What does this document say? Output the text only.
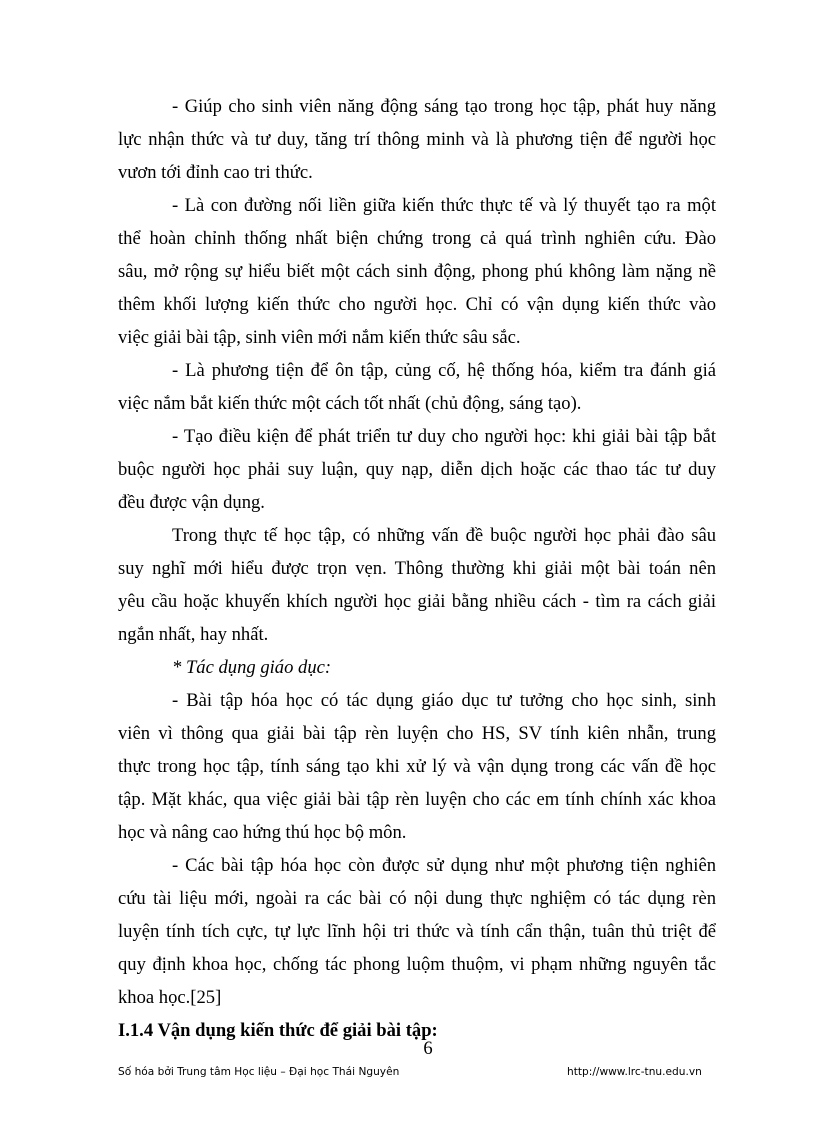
- Giúp cho sinh viên năng động sáng tạo trong học tập, phát huy năng
lực nhận thức và tư duy, tăng trí thông minh và là phương tiện để người học
vươn tới đỉnh cao tri thức.
- Là con đường nối liền giữa kiến thức thực tế và lý thuyết tạo ra một
thể hoàn chỉnh thống nhất biện chứng trong cả quá trình nghiên cứu. Đào
sâu, mở rộng sự hiểu biết một cách sinh động, phong phú không làm nặng nề
thêm khối lượng kiến thức cho người học. Chỉ có vận dụng kiến thức vào
việc giải bài tập, sinh viên mới nắm kiến thức sâu sắc.
- Là phương tiện để ôn tập, củng cố, hệ thống hóa, kiểm tra đánh giá
việc nắm bắt kiến thức một cách tốt nhất (chủ động, sáng tạo).
- Tạo điều kiện để phát triển tư duy cho người học: khi giải bài tập bắt
buộc người học phải suy luận, quy nạp, diễn dịch hoặc các thao tác tư duy
đều được vận dụng.
Trong thực tế học tập, có những vấn đề buộc người học phải đào sâu
suy nghĩ mới hiểu được trọn vẹn. Thông thường khi giải một bài toán nên
yêu cầu hoặc khuyến khích người học giải bằng nhiều cách - tìm ra cách giải
ngắn nhất, hay nhất.
* Tác dụng giáo dục:
- Bài tập hóa học có tác dụng giáo dục tư tưởng cho học sinh, sinh
viên vì thông qua giải bài tập rèn luyện cho HS, SV tính kiên nhẫn, trung
thực trong học tập, tính sáng tạo khi xử lý và vận dụng trong các vấn đề học
tập. Mặt khác, qua việc giải bài tập rèn luyện cho các em tính chính xác khoa
học và nâng cao hứng thú học bộ môn.
- Các bài tập hóa học còn được sử dụng như một phương tiện nghiên
cứu tài liệu mới, ngoài ra các bài có nội dung thực nghiệm có tác dụng rèn
luyện tính tích cực, tự lực lĩnh hội tri thức và tính cẩn thận, tuân thủ triệt để
quy định khoa học, chống tác phong luộm thuộm, vi phạm những nguyên tắc
khoa học.[25]
I.1.4 Vận dụng kiến thức để giải bài tập:
6
Số hóa bởi Trung tâm Học liệu – Đại học Thái Nguyên	http://www.lrc-tnu.edu.vn
